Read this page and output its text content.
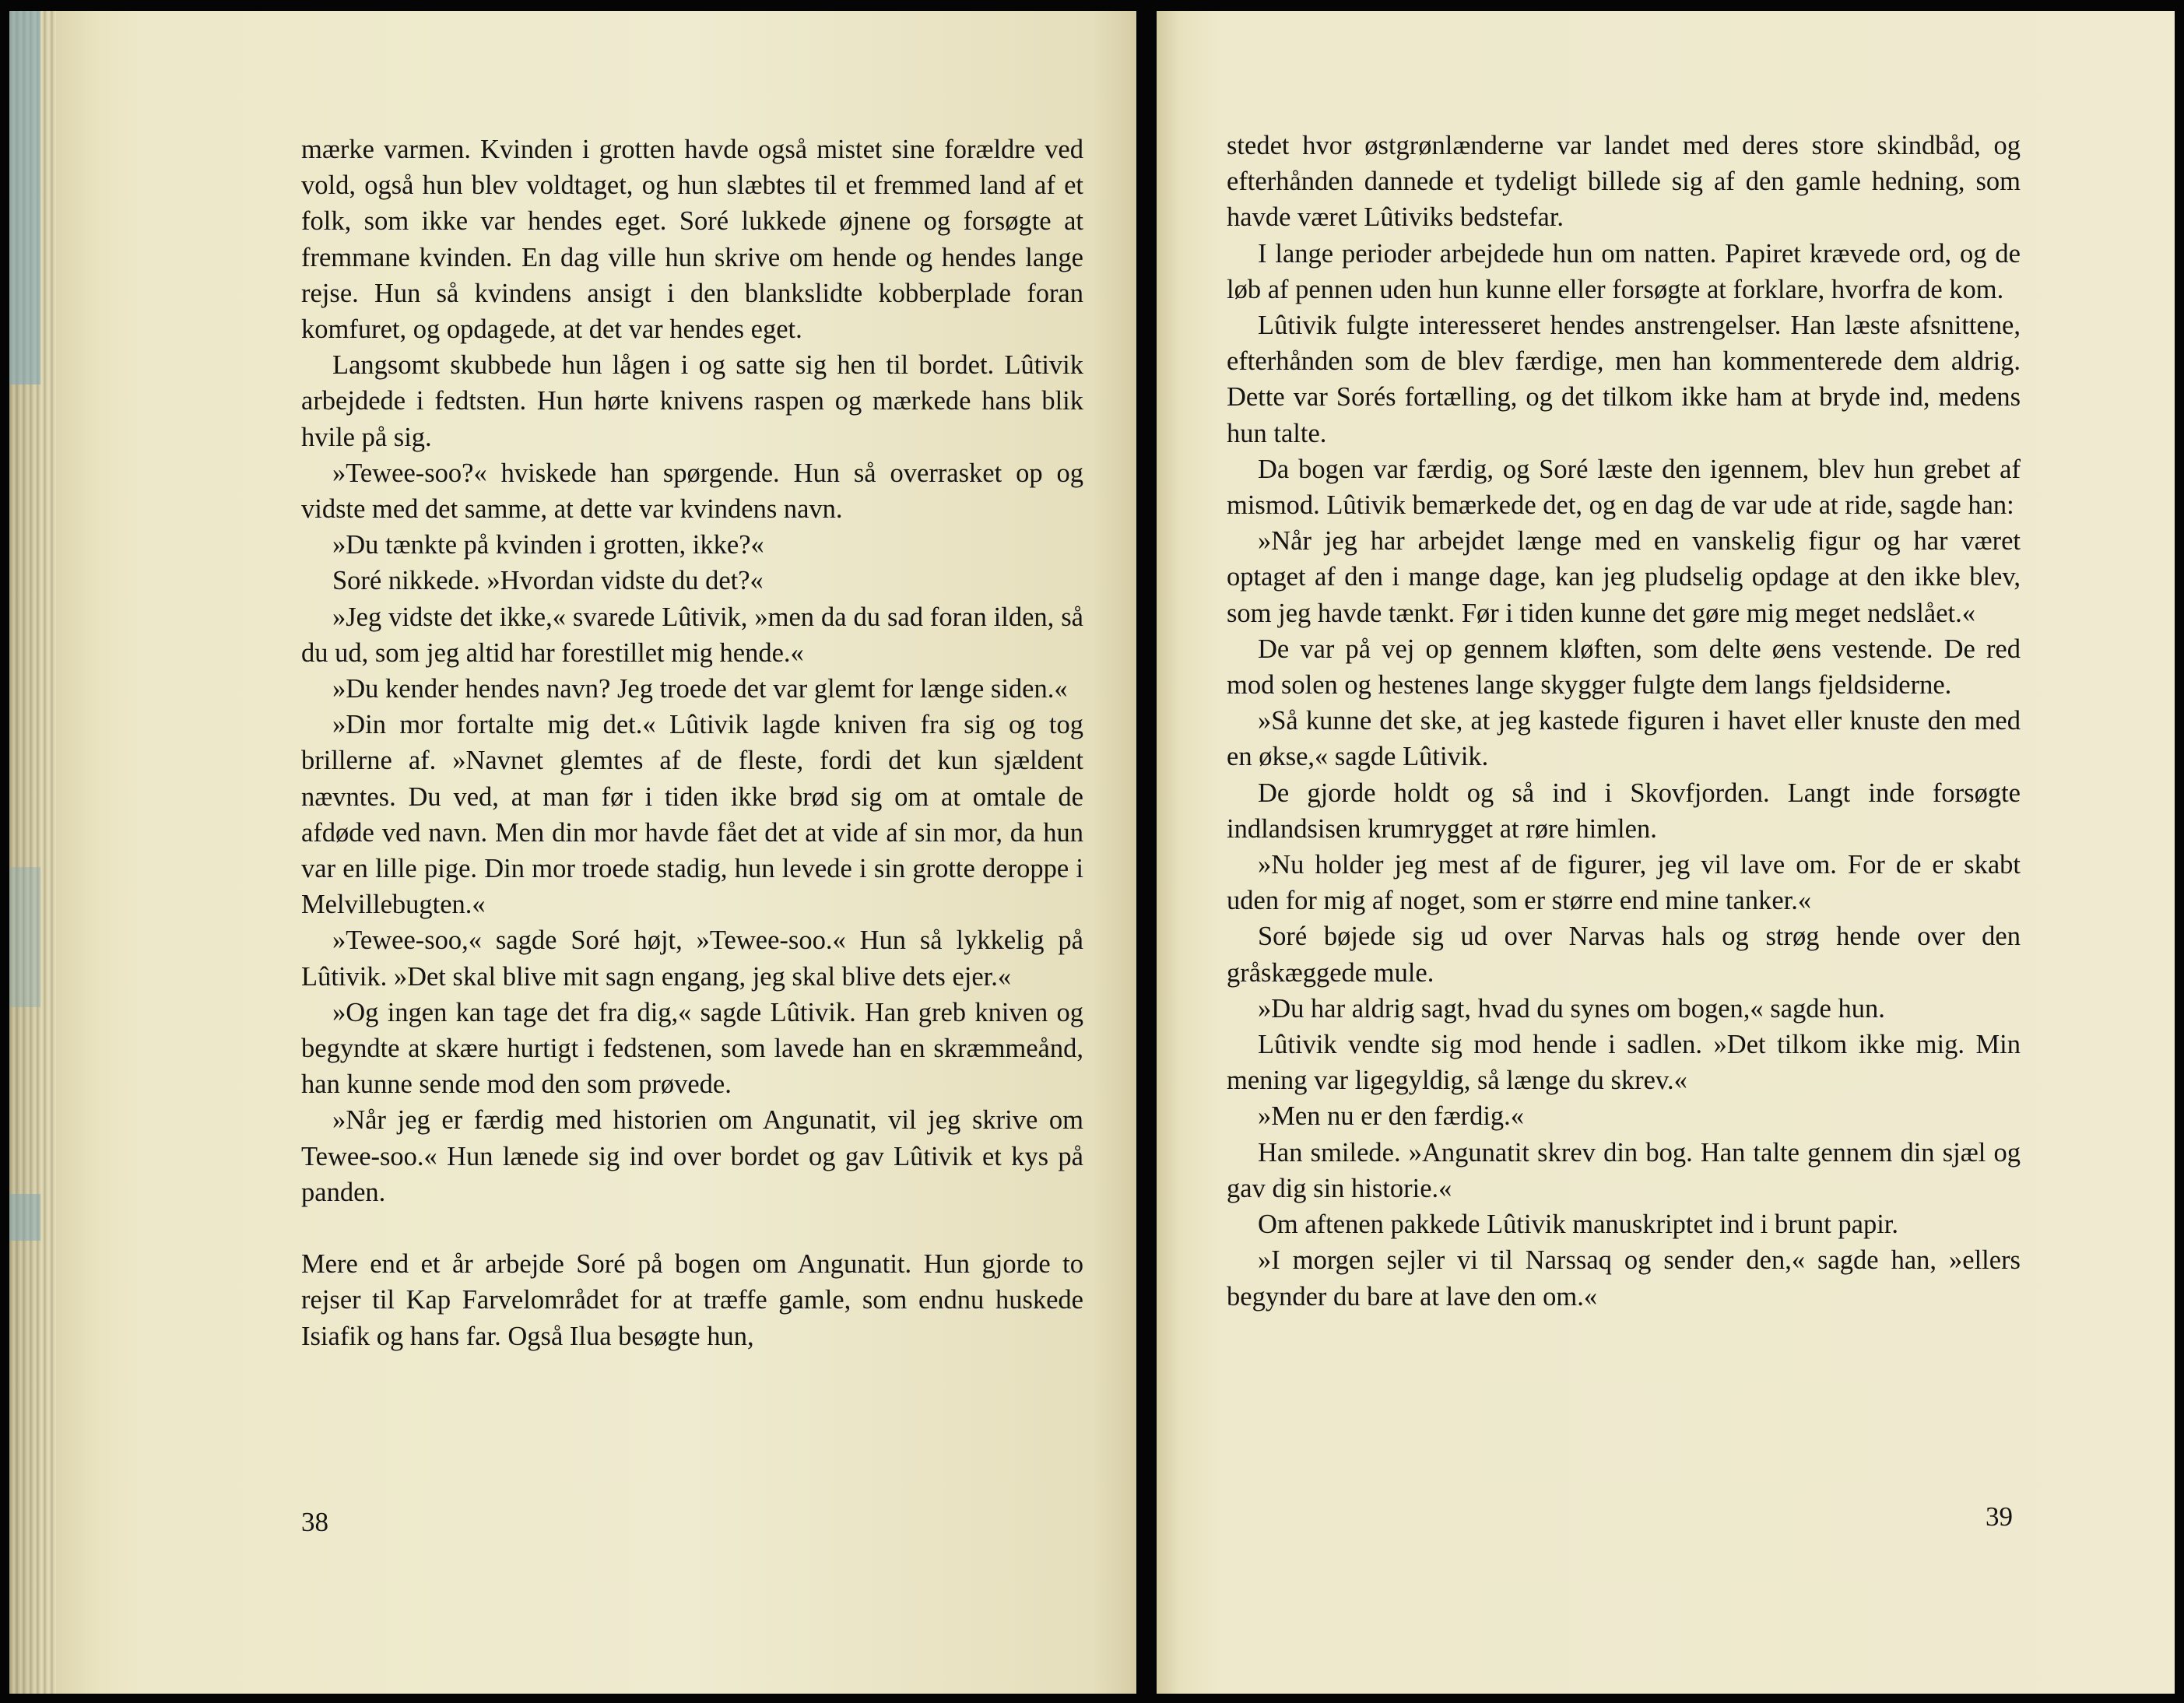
mærke varmen. Kvinden i grotten havde også mistet sine forældre ved vold, også hun blev voldtaget, og hun slæbtes til et fremmed land af et folk, som ikke var hendes eget. Soré lukkede øjnene og forsøgte at fremmane kvinden. En dag ville hun skrive om hende og hendes lange rejse. Hun så kvindens ansigt i den blankslidte kobberplade foran komfuret, og opdagede, at det var hendes eget.

Langsomt skubbede hun lågen i og satte sig hen til bordet. Lûtivik arbejdede i fedtsten. Hun hørte knivens raspen og mærkede hans blik hvile på sig.

»Tewee-soo?« hviskede han spørgende. Hun så overrasket op og vidste med det samme, at dette var kvindens navn.

»Du tænkte på kvinden i grotten, ikke?«

Soré nikkede. »Hvordan vidste du det?«

»Jeg vidste det ikke,« svarede Lûtivik, »men da du sad foran ilden, så du ud, som jeg altid har forestillet mig hende.«

»Du kender hendes navn? Jeg troede det var glemt for længe siden.«

»Din mor fortalte mig det.« Lûtivik lagde kniven fra sig og tog brillerne af. »Navnet glemtes af de fleste, fordi det kun sjældent nævntes. Du ved, at man før i tiden ikke brød sig om at omtale de afdøde ved navn. Men din mor havde fået det at vide af sin mor, da hun var en lille pige. Din mor troede stadig, hun levede i sin grotte deroppe i Melvillebugten.«

»Tewee-soo,« sagde Soré højt, »Tewee-soo.« Hun så lykkelig på Lûtivik. »Det skal blive mit sagn engang, jeg skal blive dets ejer.«

»Og ingen kan tage det fra dig,« sagde Lûtivik. Han greb kniven og begyndte at skære hurtigt i fedstenen, som lavede han en skræmmeånd, han kunne sende mod den som prøvede.

»Når jeg er færdig med historien om Angunatit, vil jeg skrive om Tewee-soo.« Hun lænede sig ind over bordet og gav Lûtivik et kys på panden.

Mere end et år arbejde Soré på bogen om Angunatit. Hun gjorde to rejser til Kap Farvelområdet for at træffe gamle, som endnu huskede Isiafik og hans far. Også Ilua besøgte hun,

38

stedet hvor østgrønlænderne var landet med deres store skindbåd, og efterhånden dannede et tydeligt billede sig af den gamle hedning, som havde været Lûtiviks bedstefar.

I lange perioder arbejdede hun om natten. Papiret krævede ord, og de løb af pennen uden hun kunne eller forsøgte at forklare, hvorfra de kom.

Lûtivik fulgte interesseret hendes anstrengelser. Han læste afsnittene, efterhånden som de blev færdige, men han kommenterede dem aldrig. Dette var Sorés fortælling, og det tilkom ikke ham at bryde ind, medens hun talte.

Da bogen var færdig, og Soré læste den igennem, blev hun grebet af mismod. Lûtivik bemærkede det, og en dag de var ude at ride, sagde han:

»Når jeg har arbejdet længe med en vanskelig figur og har været optaget af den i mange dage, kan jeg pludselig opdage at den ikke blev, som jeg havde tænkt. Før i tiden kunne det gøre mig meget nedslået.«

De var på vej op gennem kløften, som delte øens vestende. De red mod solen og hestenes lange skygger fulgte dem langs fjeldsiderne.

»Så kunne det ske, at jeg kastede figuren i havet eller knuste den med en økse,« sagde Lûtivik.

De gjorde holdt og så ind i Skovfjorden. Langt inde forsøgte indlandsisen krumrygget at røre himlen.

»Nu holder jeg mest af de figurer, jeg vil lave om. For de er skabt uden for mig af noget, som er større end mine tanker.«

Soré bøjede sig ud over Narvas hals og strøg hende over den gråskæggede mule.

»Du har aldrig sagt, hvad du synes om bogen,« sagde hun.

Lûtivik vendte sig mod hende i sadlen. »Det tilkom ikke mig. Min mening var ligegyldig, så længe du skrev.«

»Men nu er den færdig.«

Han smilede. »Angunatit skrev din bog. Han talte gennem din sjæl og gav dig sin historie.«

Om aftenen pakkede Lûtivik manuskriptet ind i brunt papir.

»I morgen sejler vi til Narssaq og sender den,« sagde han, »ellers begynder du bare at lave den om.«

39
